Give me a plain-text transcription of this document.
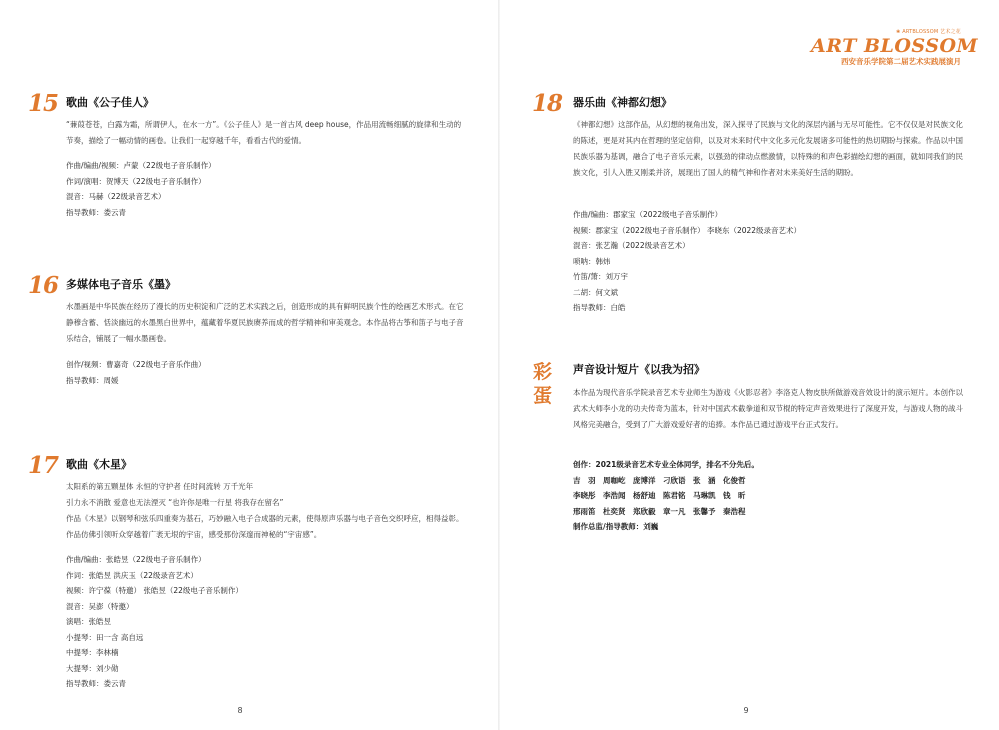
15 歌曲《公子佳人》
“蒹葭苍苍，白露为霜，所谓伊人，在水一方”。《公子佳人》是一首古风 deep house，作品用流畅细腻的旋律和生动的节奏，描绘了一幅动情的画卷。让我们一起穿越千年，看看古代的爱情。
作曲/编曲/视频：卢蒙（22级电子音乐制作）
作词/演唱：贺博天（22级电子音乐制作）
混音：马赫（22级录音艺术）
指导教师：娄云青
16 多媒体电子音乐《墨》
水墨画是中华民族在经历了漫长的历史积淀和广泛的艺术实践之后，创造形成的具有鲜明民族个性的绘画艺术形式。在它静穆含蓄、恬淡幽远的水墨黑白世界中，蕴藏着华夏民族赓养而成的哲学精神和审美观念。本作品将古筝和笛子与电子音乐结合，铺展了一幅水墨画卷。
创作/视频：曹嘉奇（22级电子音乐作曲）
指导教师：周媛
17 歌曲《木星》
太阳系的第五颗星体 永恒的守护者 任时间流转 万千光年
引力永不消散 爱意也无法湮灭 “也许你是唯一行星 将我存在留名”
作品《木星》以钢琴和弦乐四重奏为基石，巧妙融入电子合成器的元素，使得原声乐器与电子音色交织呼应，相得益彰。作品仿佛引领听众穿越着广袤无垠的宇宙，感受那份深邃而神秘的“宇宙感”。
作曲/编曲：张皓昱（22级电子音乐制作）
作词：张皓昱 洪庆玉（22级录音艺术）
视频：许宁葆（特邀） 张皓昱（22级电子音乐制作）
混音：吴澎（特邀）
演唱：张皓昱
小提琴：田一含 高自远
中提琴：李林楠
大提琴：刘少勋
指导教师：娄云青
8
❀ ARTBLOSSOM 艺术之花
ART BLOSSOM
西安音乐学院第二届艺术实践展演月
18 器乐曲《神都幻想》
《神都幻想》这部作品，从幻想的视角出发，深入探寻了民族与文化的深层内涵与无尽可能性。它不仅仅是对民族文化的陈述，更是对其内在哲理的坚定信仰，以及对未来时代中文化多元化发展诸多可能性的热切期盼与探索。作品以中国民族乐器为基调，融合了电子音乐元素，以强劲的律动点燃激情，以特殊的和声色彩描绘幻想的画面，就如同我们的民族文化，引人入胜又刚柔并济，展现出了国人的精气神和作者对未来美好生活的期盼。
作曲/编曲：郡家宝（2022级电子音乐制作）
视频：郡家宝（2022级电子音乐制作） 李晓东（2022级录音艺术）
混音：张艺瀚（2022级录音艺术）
唢呐：韩炜
竹笛/箫：刘万宇
二胡：何文斌
指导教师：白皓
彩蛋
声音设计短片《以我为招》
本作品为现代音乐学院录音艺术专业师生为游戏《火影忍者》李洛克人物皮肤所做游戏音效设计的演示短片。本创作以武术大师李小龙的功夫传奇为蓝本，针对中国武术截拳道和双节棍的特定声音效果进行了深度开发，与游戏人物的战斗风格完美融合，受到了广大游戏爱好者的追捧。本作品已通过游戏平台正式发行。
创作：2021级录音艺术专业全体同学，排名不分先后。
吉　羽　周咖屹　庞博洋　刁欣语　张　涵　化俊哲
李晓彤　李浩闻　杨舒迪　陈君铭　马琳凯　钱　昕
邢雨笛　杜奕贤　郑欣毅　章一凡　张馨予　秦浩程
制作总监/指导教师：刘巍
9
